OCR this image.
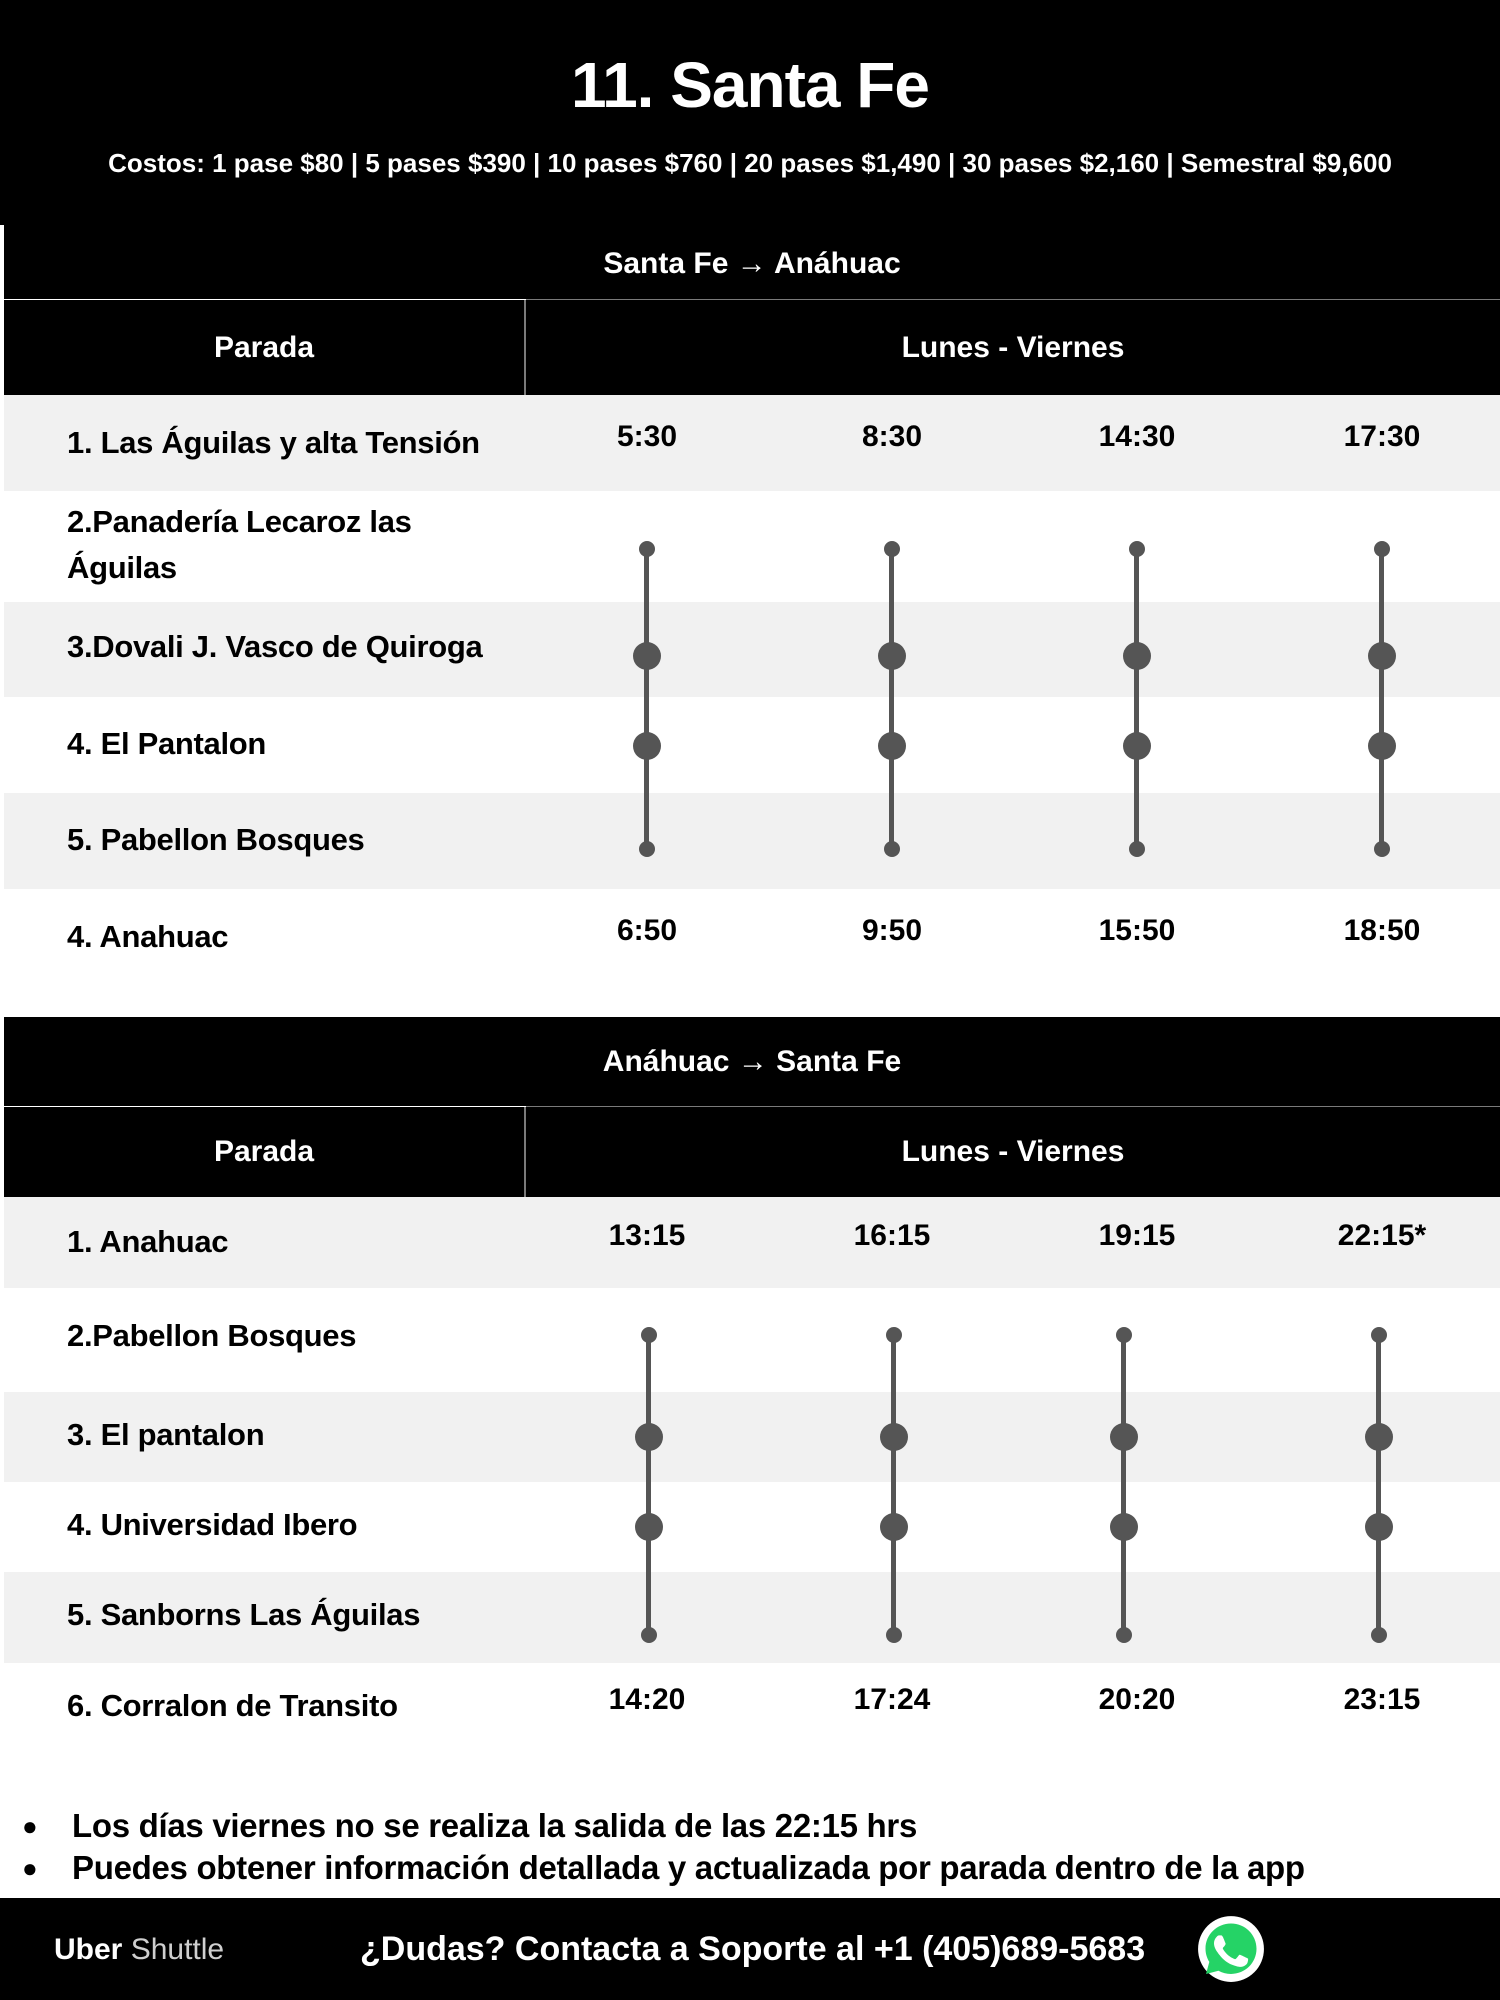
11. Santa Fe
Costos: 1 pase $80 | 5 pases $390 | 10 pases $760 | 20 pases $1,490 | 30 pases $2,160 | Semestral $9,600
Santa Fe → Anáhuac
Parada	Lunes - Viernes
1. Las Águilas y alta Tensión	5:30	8:30	14:30	17:30
2.Panadería Lecaroz las Águilas
3.Dovali J. Vasco de Quiroga
4. El Pantalon
5. Pabellon Bosques
4. Anahuac	6:50	9:50	15:50	18:50
Anáhuac → Santa Fe
Parada	Lunes - Viernes
1. Anahuac	13:15	16:15	19:15	22:15*
2.Pabellon Bosques
3. El pantalon
4. Universidad Ibero
5. Sanborns Las Águilas
6. Corralon de Transito	14:20	17:24	20:20	23:15
● Los días viernes no se realiza la salida de las 22:15 hrs
● Puedes obtener información detallada y actualizada por parada dentro de la app
Uber Shuttle	¿Dudas? Contacta a Soporte al +1 (405)689-5683
